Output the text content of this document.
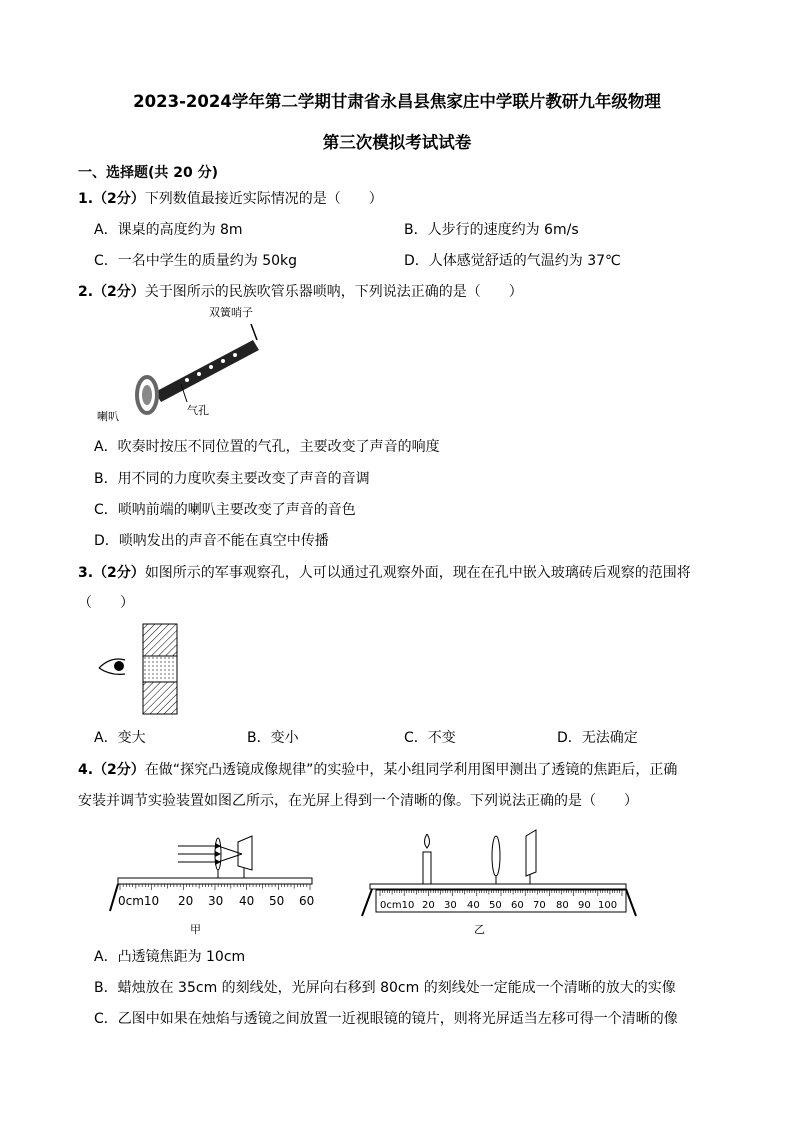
2023-2024学年第二学期甘肃省永昌县焦家庄中学联片教研九年级物理
第三次模拟考试试卷
一、选择题(共 20 分)
1.（2分）下列数值最接近实际情况的是（　　）
A．课桌的高度约为 8m	B．人步行的速度约为 6m/s
C．一名中学生的质量约为 50kg	D．人体感觉舒适的气温约为 37℃
2.（2分）关于图所示的民族吹管乐器唢呐，下列说法正确的是（　　）
双簧哨子
喇叭	气孔
A．吹奏时按压不同位置的气孔，主要改变了声音的响度
B．用不同的力度吹奏主要改变了声音的音调
C．唢呐前端的喇叭主要改变了声音的音色
D．唢呐发出的声音不能在真空中传播
3.（2分）如图所示的军事观察孔，人可以通过孔观察外面，现在在孔中嵌入玻璃砖后观察的范围将
（　　）
A．变大	B．变小	C．不变	D．无法确定
4.（2分）在做“探究凸透镜成像规律”的实验中，某小组同学利用图甲测出了透镜的焦距后，正确
安装并调节实验装置如图乙所示，在光屏上得到一个清晰的像。下列说法正确的是（　　）
0cm10 20 30 40 50 60
甲
0cm10 20 30 40 50 60 70 80 90 100
乙
A．凸透镜焦距为 10cm
B．蜡烛放在 35cm 的刻线处，光屏向右移到 80cm 的刻线处一定能成一个清晰的放大的实像
C．乙图中如果在烛焰与透镜之间放置一近视眼镜的镜片，则将光屏适当左移可得一个清晰的像
